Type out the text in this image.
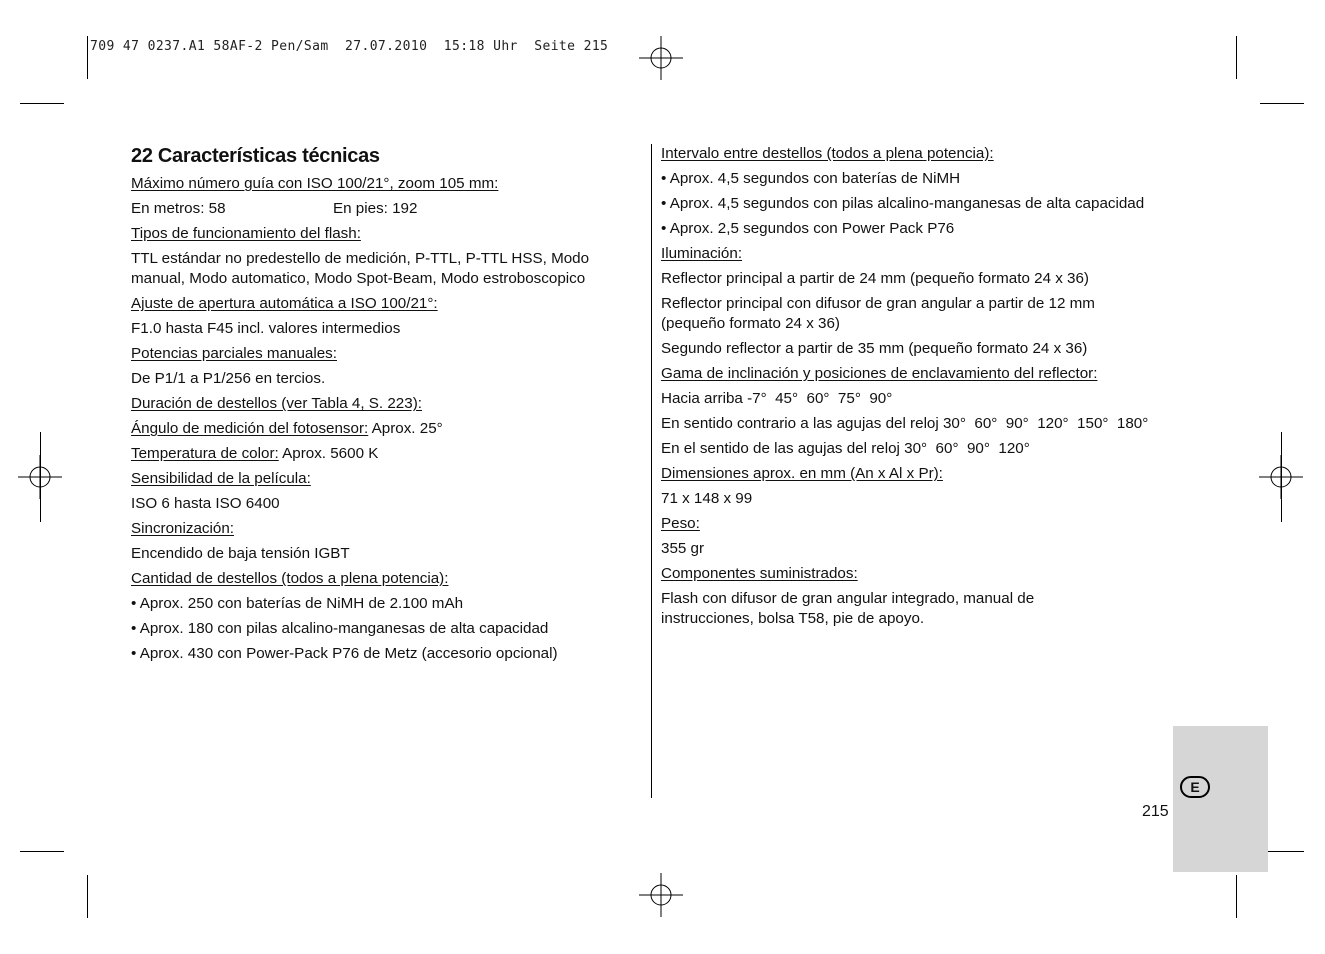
709 47 0237.A1 58AF-2 Pen/Sam  27.07.2010  15:18 Uhr  Seite 215
22 Características técnicas
Máximo número guía con ISO 100/21°, zoom 105 mm:
En metros: 58	En pies: 192
Tipos de funcionamiento del flash:
TTL estándar no predestello de medición, P-TTL, P-TTL HSS, Modo manual, Modo automatico, Modo Spot-Beam, Modo estroboscopico
Ajuste de apertura automática a ISO 100/21°:
F1.0 hasta F45 incl. valores intermedios
Potencias parciales manuales:
De P1/1 a P1/256 en tercios.
Duración de destellos (ver Tabla 4, S. 223):
Ángulo de medición del fotosensor: Aprox. 25°
Temperatura de color: Aprox. 5600 K
Sensibilidad de la película:
ISO 6 hasta ISO 6400
Sincronización:
Encendido de baja tensión IGBT
Cantidad de destellos (todos a plena potencia):
• Aprox. 250 con baterías de NiMH de 2.100 mAh
• Aprox. 180 con pilas alcalino-manganesas de alta capacidad
• Aprox. 430 con Power-Pack P76 de Metz (accesorio opcional)
Intervalo entre destellos (todos a plena potencia):
• Aprox. 4,5 segundos con baterías de NiMH
• Aprox. 4,5 segundos con pilas alcalino-manganesas de alta capacidad
• Aprox. 2,5 segundos con Power Pack P76
Iluminación:
Reflector principal a partir de 24 mm (pequeño formato 24 x 36)
Reflector principal con difusor de gran angular a partir de 12 mm (pequeño formato 24 x 36)
Segundo reflector a partir de 35 mm (pequeño formato 24 x 36)
Gama de inclinación y posiciones de enclavamiento del reflector:
Hacia arriba -7°  45°  60°  75°  90°
En sentido contrario a las agujas del reloj 30°  60°  90°  120°  150°  180°
En el sentido de las agujas del reloj 30°  60°  90°  120°
Dimensiones aprox. en mm (An x Al x Pr):
71 x 148 x 99
Peso:
355 gr
Componentes suministrados:
Flash con difusor de gran angular integrado, manual de instrucciones, bolsa T58, pie de apoyo.
E
215
